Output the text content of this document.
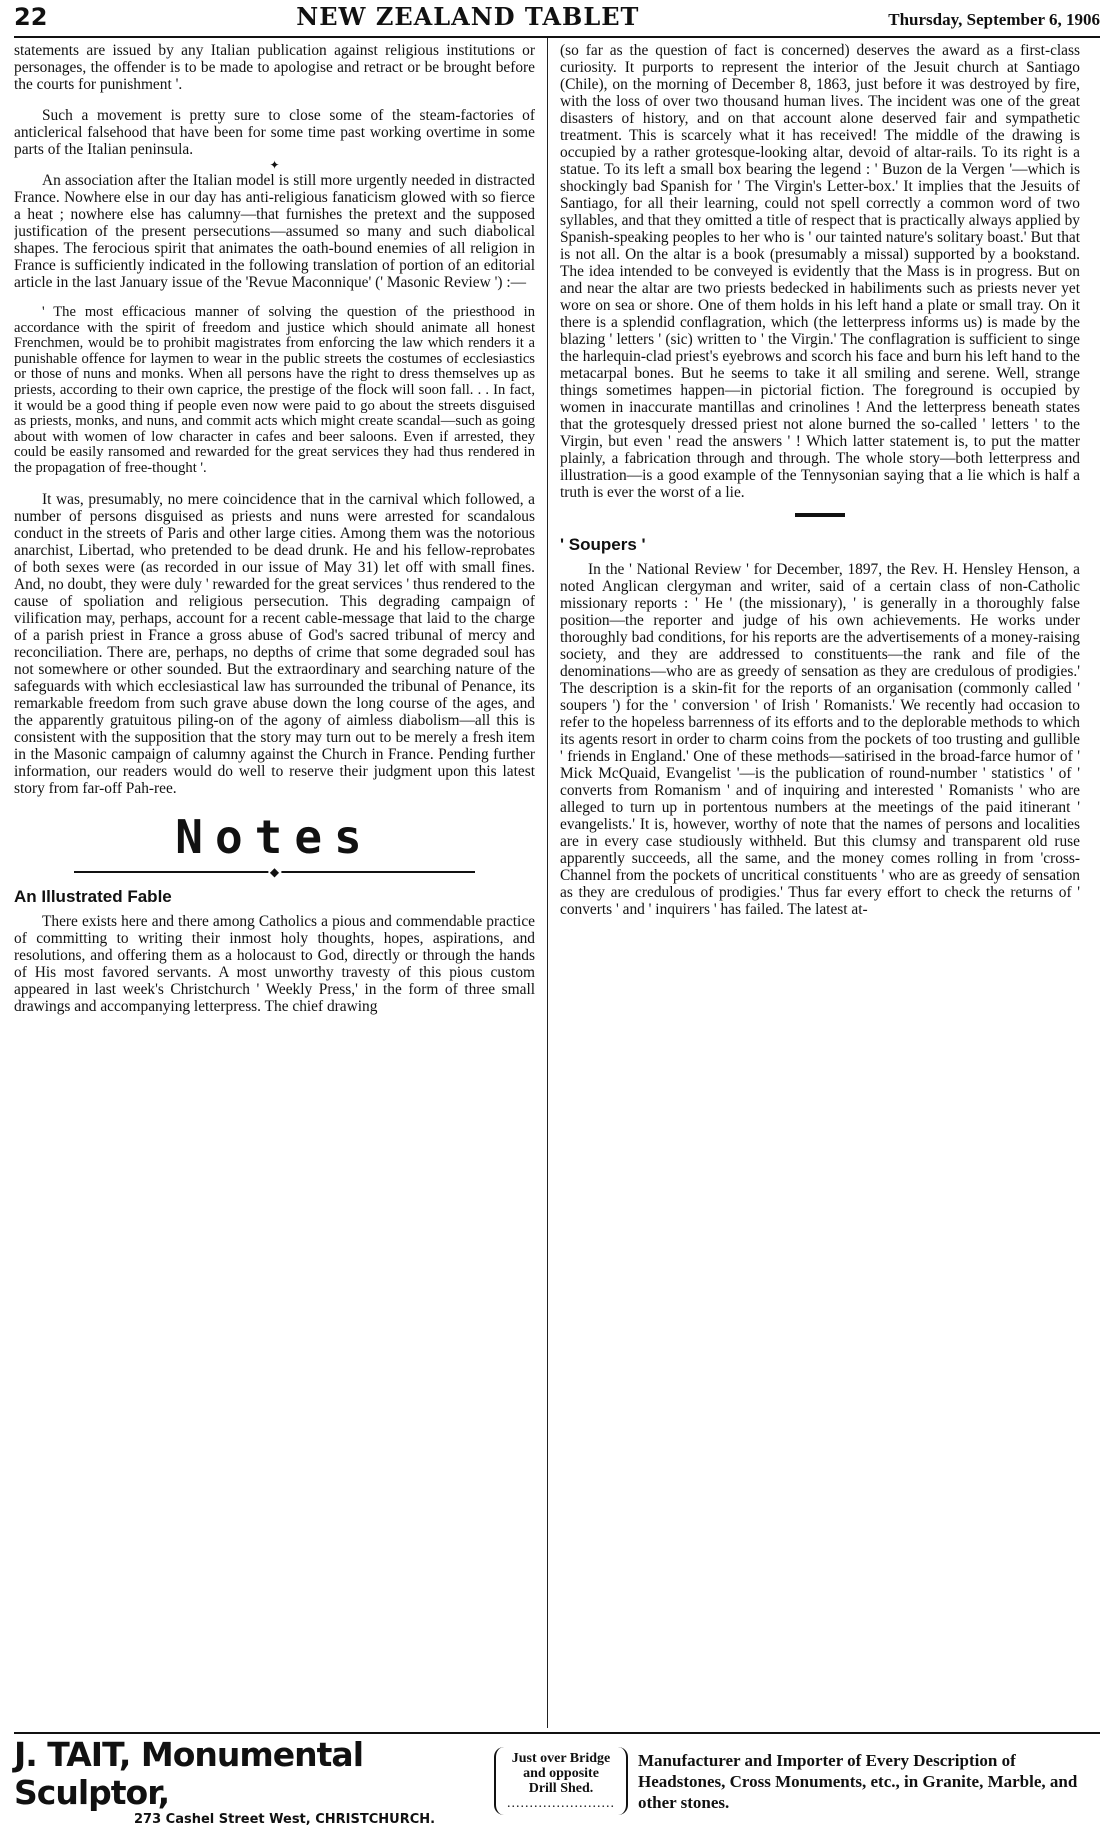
22	NEW ZEALAND TABLET	Thursday, September 6, 1906

statements are issued by any Italian publication against religious institutions or personages, the offender is to be made to apologise and retract or be brought before the courts for punishment '.

Such a movement is pretty sure to close some of the steam-factories of anticlerical falsehood that have been for some time past working overtime in some parts of the Italian peninsula.

✦

An association after the Italian model is still more urgently needed in distracted France. Nowhere else in our day has anti-religious fanaticism glowed with so fierce a heat ; nowhere else has calumny—that furnishes the pretext and the supposed justification of the present persecutions—assumed so many and such diabolical shapes. The ferocious spirit that animates the oath-bound enemies of all religion in France is sufficiently indicated in the following translation of portion of an editorial article in the last January issue of the 'Revue Maconnique' (' Masonic Review ') :—

' The most efficacious manner of solving the question of the priesthood in accordance with the spirit of freedom and justice which should animate all honest Frenchmen, would be to prohibit magistrates from enforcing the law which renders it a punishable offence for laymen to wear in the public streets the costumes of ecclesiastics or those of nuns and monks. When all persons have the right to dress themselves up as priests, according to their own caprice, the prestige of the flock will soon fall. . . In fact, it would be a good thing if people even now were paid to go about the streets disguised as priests, monks, and nuns, and commit acts which might create scandal—such as going about with women of low character in cafes and beer saloons. Even if arrested, they could be easily ransomed and rewarded for the great services they had thus rendered in the propagation of free-thought '.

It was, presumably, no mere coincidence that in the carnival which followed, a number of persons disguised as priests and nuns were arrested for scandalous conduct in the streets of Paris and other large cities. Among them was the notorious anarchist, Libertad, who pretended to be dead drunk. He and his fellow-reprobates of both sexes were (as recorded in our issue of May 31) let off with small fines. And, no doubt, they were duly ' rewarded for the great services ' thus rendered to the cause of spoliation and religious persecution. This degrading campaign of vilification may, perhaps, account for a recent cable-message that laid to the charge of a parish priest in France a gross abuse of God's sacred tribunal of mercy and reconciliation. There are, perhaps, no depths of crime that some degraded soul has not somewhere or other sounded. But the extraordinary and searching nature of the safeguards with which ecclesiastical law has surrounded the tribunal of Penance, its remarkable freedom from such grave abuse down the long course of the ages, and the apparently gratuitous piling-on of the agony of aimless diabolism—all this is consistent with the supposition that the story may turn out to be merely a fresh item in the Masonic campaign of calumny against the Church in France. Pending further information, our readers would do well to reserve their judgment upon this latest story from far-off Pah-ree.

Notes
◆
An Illustrated Fable

There exists here and there among Catholics a pious and commendable practice of committing to writing their inmost holy thoughts, hopes, aspirations, and resolutions, and offering them as a holocaust to God, directly or through the hands of His most favored servants. A most unworthy travesty of this pious custom appeared in last week's Christchurch ' Weekly Press,' in the form of three small drawings and accompanying letterpress. The chief drawing

(so far as the question of fact is concerned) deserves the award as a first-class curiosity. It purports to represent the interior of the Jesuit church at Santiago (Chile), on the morning of December 8, 1863, just before it was destroyed by fire, with the loss of over two thousand human lives. The incident was one of the great disasters of history, and on that account alone deserved fair and sympathetic treatment. This is scarcely what it has received! The middle of the drawing is occupied by a rather grotesque-looking altar, devoid of altar-rails. To its right is a statue. To its left a small box bearing the legend : ' Buzon de la Vergen '—which is shockingly bad Spanish for ' The Virgin's Letter-box.' It implies that the Jesuits of Santiago, for all their learning, could not spell correctly a common word of two syllables, and that they omitted a title of respect that is practically always applied by Spanish-speaking peoples to her who is ' our tainted nature's solitary boast.' But that is not all. On the altar is a book (presumably a missal) supported by a bookstand. The idea intended to be conveyed is evidently that the Mass is in progress. But on and near the altar are two priests bedecked in habiliments such as priests never yet wore on sea or shore. One of them holds in his left hand a plate or small tray. On it there is a splendid conflagration, which (the letterpress informs us) is made by the blazing ' letters ' (sic) written to ' the Virgin.' The conflagration is sufficient to singe the harlequin-clad priest's eyebrows and scorch his face and burn his left hand to the metacarpal bones. But he seems to take it all smiling and serene. Well, strange things sometimes happen—in pictorial fiction. The foreground is occupied by women in inaccurate mantillas and crinolines ! And the letterpress beneath states that the grotesquely dressed priest not alone burned the so-called ' letters ' to the Virgin, but even ' read the answers ' ! Which latter statement is, to put the matter plainly, a fabrication through and through. The whole story—both letterpress and illustration—is a good example of the Tennysonian saying that a lie which is half a truth is ever the worst of a lie.

' Soupers '

In the ' National Review ' for December, 1897, the Rev. H. Hensley Henson, a noted Anglican clergyman and writer, said of a certain class of non-Catholic missionary reports : ' He ' (the missionary), ' is generally in a thoroughly false position—the reporter and judge of his own achievements. He works under thoroughly bad conditions, for his reports are the advertisements of a money-raising society, and they are addressed to constituents—the rank and file of the denominations—who are as greedy of sensation as they are credulous of prodigies.' The description is a skin-fit for the reports of an organisation (commonly called ' soupers ') for the ' conversion ' of Irish ' Romanists.' We recently had occasion to refer to the hopeless barrenness of its efforts and to the deplorable methods to which its agents resort in order to charm coins from the pockets of too trusting and gullible ' friends in England.' One of these methods—satirised in the broad-farce humor of ' Mick McQuaid, Evangelist '—is the publication of round-number ' statistics ' of ' converts from Romanism ' and of inquiring and interested ' Romanists ' who are alleged to turn up in portentous numbers at the meetings of the paid itinerant ' evangelists.' It is, however, worthy of note that the names of persons and localities are in every case studiously withheld. But this clumsy and transparent old ruse apparently succeeds, all the same, and the money comes rolling in from 'cross-Channel from the pockets of uncritical constituents ' who are as greedy of sensation as they are credulous of prodigies.' Thus far every effort to check the returns of ' converts ' and ' inquirers ' has failed. The latest at-

J. TAIT, Monumental Sculptor,
273 Cashel Street West, CHRISTCHURCH.
Just over Bridge
and opposite
Drill Shed.
........................
Manufacturer and Importer of Every Description of Headstones, Cross Monuments, etc., in Granite, Marble, and other stones.
